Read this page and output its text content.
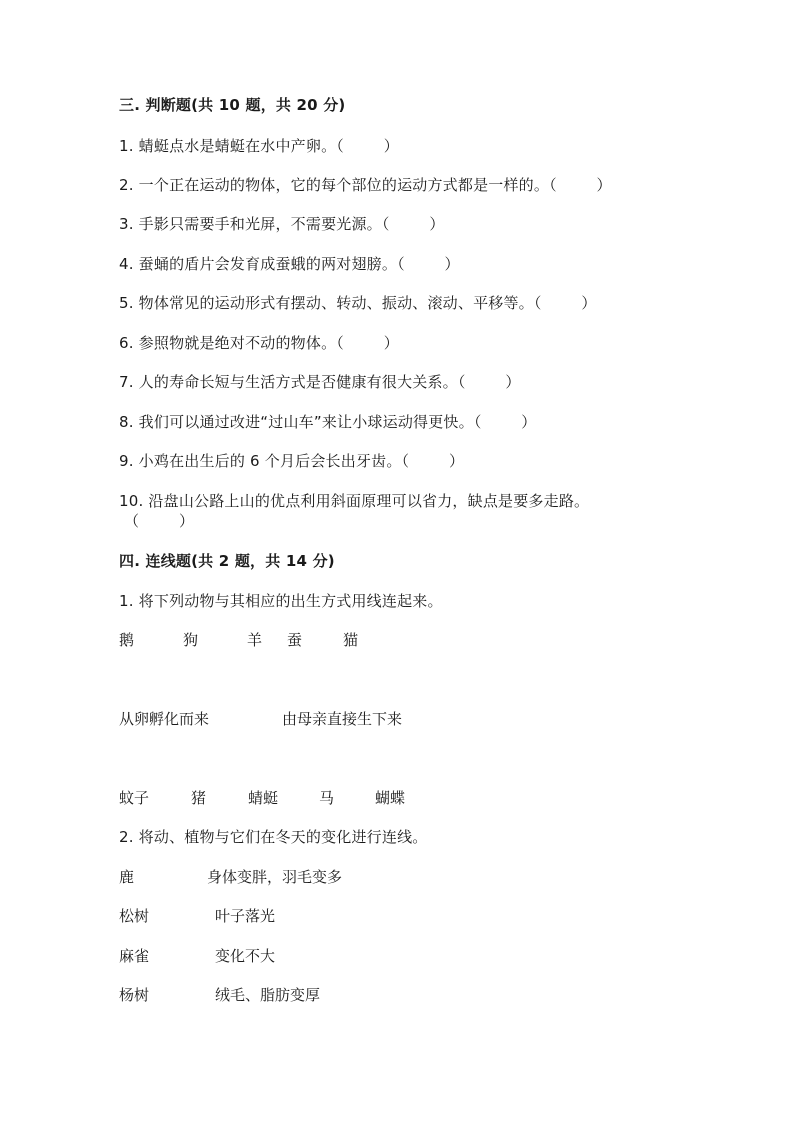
三. 判断题(共 10 题，共 20 分)
1. 蜻蜓点水是蜻蜓在水中产卵。（        ）
2. 一个正在运动的物体，它的每个部位的运动方式都是一样的。（        ）
3. 手影只需要手和光屏，不需要光源。（        ）
4. 蚕蛹的盾片会发育成蚕蛾的两对翅膀。（        ）
5. 物体常见的运动形式有摆动、转动、振动、滚动、平移等。（        ）
6. 参照物就是绝对不动的物体。（        ）
7. 人的寿命长短与生活方式是否健康有很大关系。（        ）
8. 我们可以通过改进“过山车”来让小球运动得更快。（        ）
9. 小鸡在出生后的 6 个月后会长出牙齿。（        ）
10. 沿盘山公路上山的优点利用斜面原理可以省力，缺点是要多走路。
（        ）
四. 连线题(共 2 题，共 14 分)
1. 将下列动物与其相应的出生方式用线连起来。
鹅	狗	羊 蚕	猫
从卵孵化而来	由母亲直接生下来
蚊子	猪	蜻蜓	马	蝴蝶
2. 将动、植物与它们在冬天的变化进行连线。
鹿	身体变胖，羽毛变多
松树	叶子落光
麻雀	变化不大
杨树	绒毛、脂肪变厚
